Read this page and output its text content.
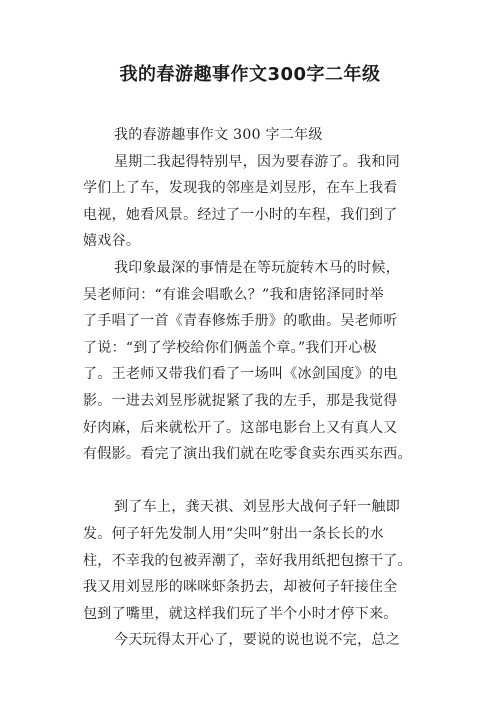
我的春游趣事作文300字二年级
我的春游趣事作文 300 字二年级
星期二我起得特别早，因为要春游了。我和同
学们上了车，发现我的邻座是刘昱彤，在车上我看
电视，她看风景。经过了一小时的车程，我们到了
嬉戏谷。
我印象最深的事情是在等玩旋转木马的时候，
吴老师问：“有谁会唱歌么？”我和唐铭泽同时举
了手唱了一首《青春修炼手册》的歌曲。吴老师听
了说：“到了学校给你们俩盖个章。”我们开心极
了。王老师又带我们看了一场叫《冰剑国度》的电
影。一进去刘昱彤就捉紧了我的左手，那是我觉得
好肉麻，后来就松开了。这部电影台上又有真人又
有假影。看完了演出我们就在吃零食卖东西买东西。
到了车上，龚天祺、刘昱彤大战何子轩一触即
发。何子轩先发制人用“尖叫”射出一条长长的水
柱，不幸我的包被弄潮了，幸好我用纸把包擦干了。
我又用刘昱彤的咪咪虾条扔去，却被何子轩接住全
包到了嘴里，就这样我们玩了半个小时才停下来。
今天玩得太开心了，要说的说也说不完，总之
